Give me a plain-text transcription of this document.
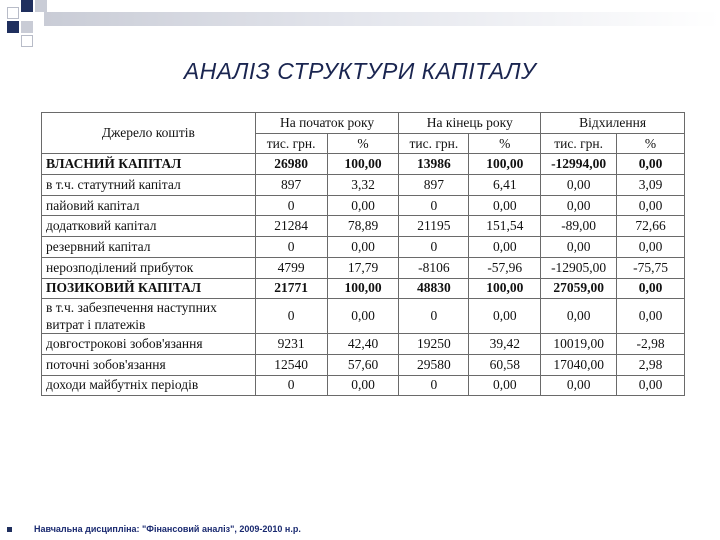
АНАЛІЗ СТРУКТУРИ КАПІТАЛУ
Джерело коштів	На початок року		На кінець року		Відхилення	
	тис. грн.	%	тис. грн.	%	тис. грн.	%
ВЛАСНИЙ КАПІТАЛ	26980	100,00	13986	100,00	-12994,00	0,00
в т.ч. статутний капітал	897	3,32	897	6,41	0,00	3,09
пайовий капітал	0	0,00	0	0,00	0,00	0,00
додатковий капітал	21284	78,89	21195	151,54	-89,00	72,66
резервний капітал	0	0,00	0	0,00	0,00	0,00
нерозподілений прибуток	4799	17,79	-8106	-57,96	-12905,00	-75,75
ПОЗИКОВИЙ КАПІТАЛ	21771	100,00	48830	100,00	27059,00	0,00
в т.ч. забезпечення наступних витрат і платежів	0	0,00	0	0,00	0,00	0,00
довгострокові зобов'язання	9231	42,40	19250	39,42	10019,00	-2,98
поточні зобов'язання	12540	57,60	29580	60,58	17040,00	2,98
доходи майбутніх періодів	0	0,00	0	0,00	0,00	0,00
Навчальна дисципліна: "Фінансовий аналіз", 2009-2010 н.р.
